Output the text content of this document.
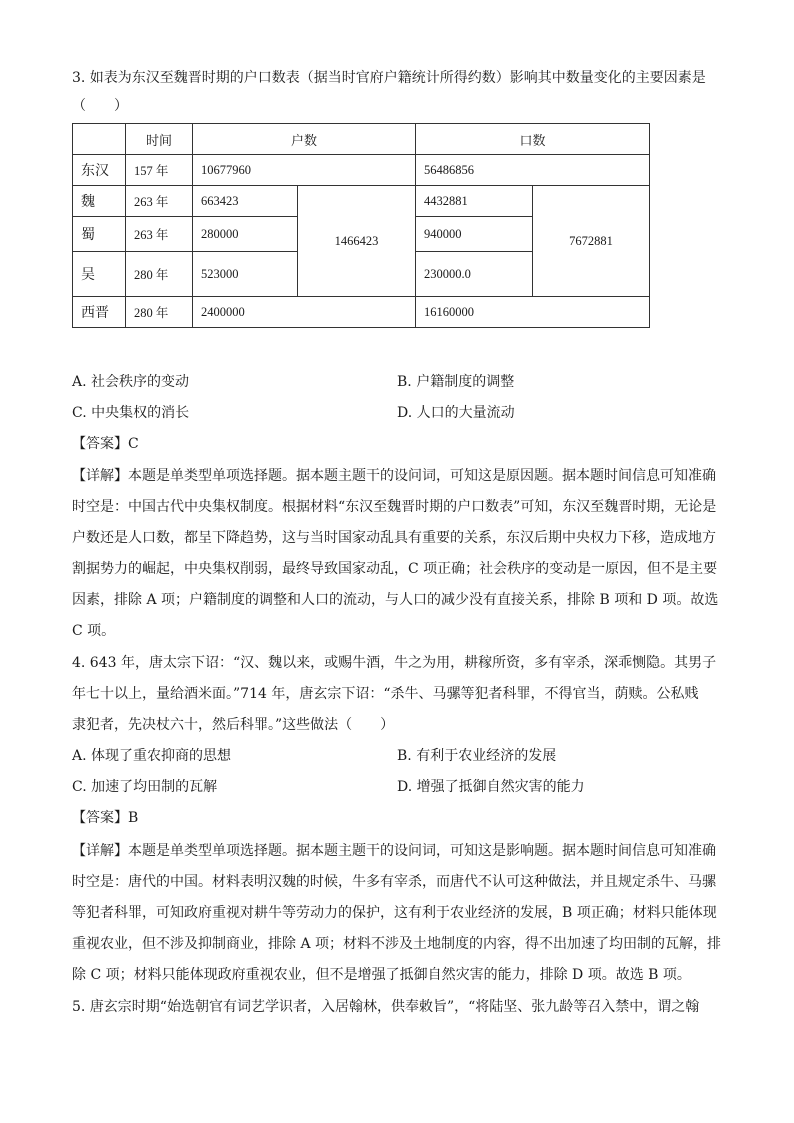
3. 如表为东汉至魏晋时期的户口数表（据当时官府户籍统计所得约数）影响其中数量变化的主要因素是
（　　）
	时间	户数		口数	
东汉	157 年	10677960		56486856	
魏	263 年	663423	1466423	4432881	7672881
蜀	263 年	280000		940000	
吴	280 年	523000		230000.0	
西晋	280 年	2400000		16160000	
A. 社会秩序的变动	B. 户籍制度的调整
C. 中央集权的消长	D. 人口的大量流动
【答案】C
【详解】本题是单类型单项选择题。据本题主题干的设问词，可知这是原因题。据本题时间信息可知准确
时空是：中国古代中央集权制度。根据材料“东汉至魏晋时期的户口数表”可知，东汉至魏晋时期，无论是
户数还是人口数，都呈下降趋势，这与当时国家动乱具有重要的关系，东汉后期中央权力下移，造成地方
割据势力的崛起，中央集权削弱，最终导致国家动乱，C 项正确；社会秩序的变动是一原因，但不是主要
因素，排除 A 项；户籍制度的调整和人口的流动，与人口的减少没有直接关系，排除 B 项和 D 项。故选
C 项。
4. 643 年，唐太宗下诏：“汉、魏以来，或赐牛酒，牛之为用，耕稼所资，多有宰杀，深乖恻隐。其男子
年七十以上，量给酒米面。”714 年，唐玄宗下诏：“杀牛、马骡等犯者科罪，不得官当，荫赎。公私贱
隶犯者，先决杖六十，然后科罪。”这些做法（　　）
A. 体现了重农抑商的思想	B. 有利于农业经济的发展
C. 加速了均田制的瓦解	D. 增强了抵御自然灾害的能力
【答案】B
【详解】本题是单类型单项选择题。据本题主题干的设问词，可知这是影响题。据本题时间信息可知准确
时空是：唐代的中国。材料表明汉魏的时候，牛多有宰杀，而唐代不认可这种做法，并且规定杀牛、马骡
等犯者科罪，可知政府重视对耕牛等劳动力的保护，这有利于农业经济的发展，B 项正确；材料只能体现
重视农业，但不涉及抑制商业，排除 A 项；材料不涉及土地制度的内容，得不出加速了均田制的瓦解，排
除 C 项；材料只能体现政府重视农业，但不是增强了抵御自然灾害的能力，排除 D 项。故选 B 项。
5. 唐玄宗时期“始选朝官有词艺学识者，入居翰林，供奉敕旨”，“将陆坚、张九龄等召入禁中，谓之翰
